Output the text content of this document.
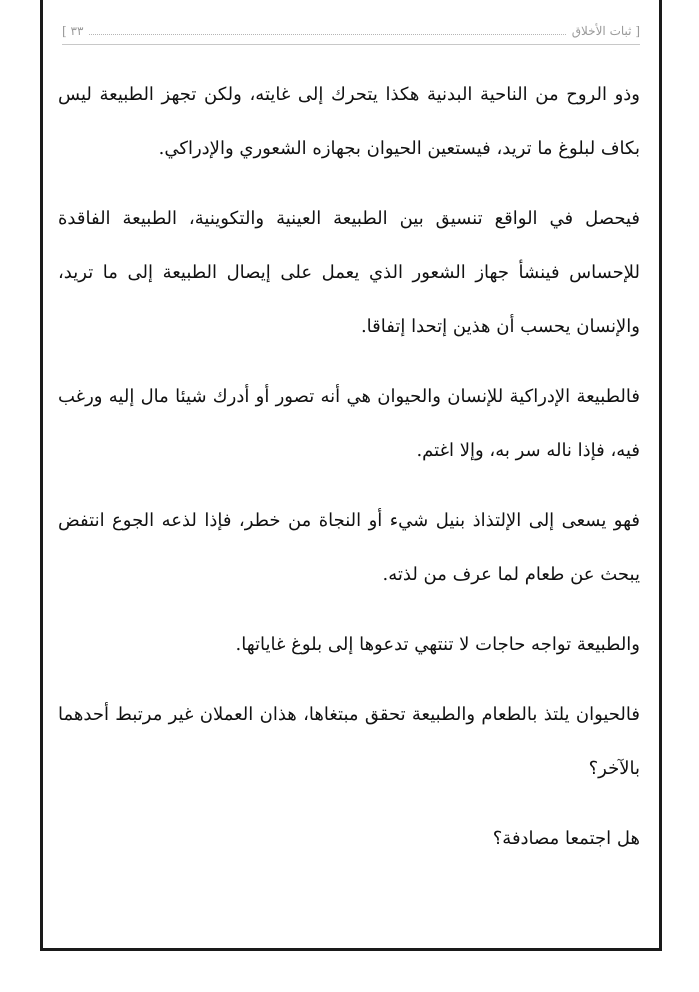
[ ثبات الأخلاق
٣٣ ]

وذو الروح من الناحية البدنية هكذا يتحرك إلى غايته، ولكن تجهز الطبيعة ليس بكاف لبلوغ ما تريد، فيستعين الحيوان بجهازه الشعوري والإدراكي.

فيحصل في الواقع تنسيق بين الطبيعة العينية والتكوينية، الطبيعة الفاقدة للإحساس فينشأ جهاز الشعور الذي يعمل على إيصال الطبيعة إلى ما تريد، والإنسان يحسب أن هذين إتحدا إتفاقا.

فالطبيعة الإدراكية للإنسان والحيوان هي أنه تصور أو أدرك شيئا مال إليه ورغب فيه، فإذا ناله سر به، وإلا اغتم.

فهو يسعى إلى الإلتذاذ بنيل شيء أو النجاة من خطر، فإذا لذعه الجوع انتفض يبحث عن طعام لما عرف من لذته.

والطبيعة تواجه حاجات لا تنتهي تدعوها إلى بلوغ غاياتها.

فالحيوان يلتذ بالطعام والطبيعة تحقق مبتغاها، هذان العملان غير مرتبط أحدهما بالآخر؟

هل اجتمعا مصادفة؟
